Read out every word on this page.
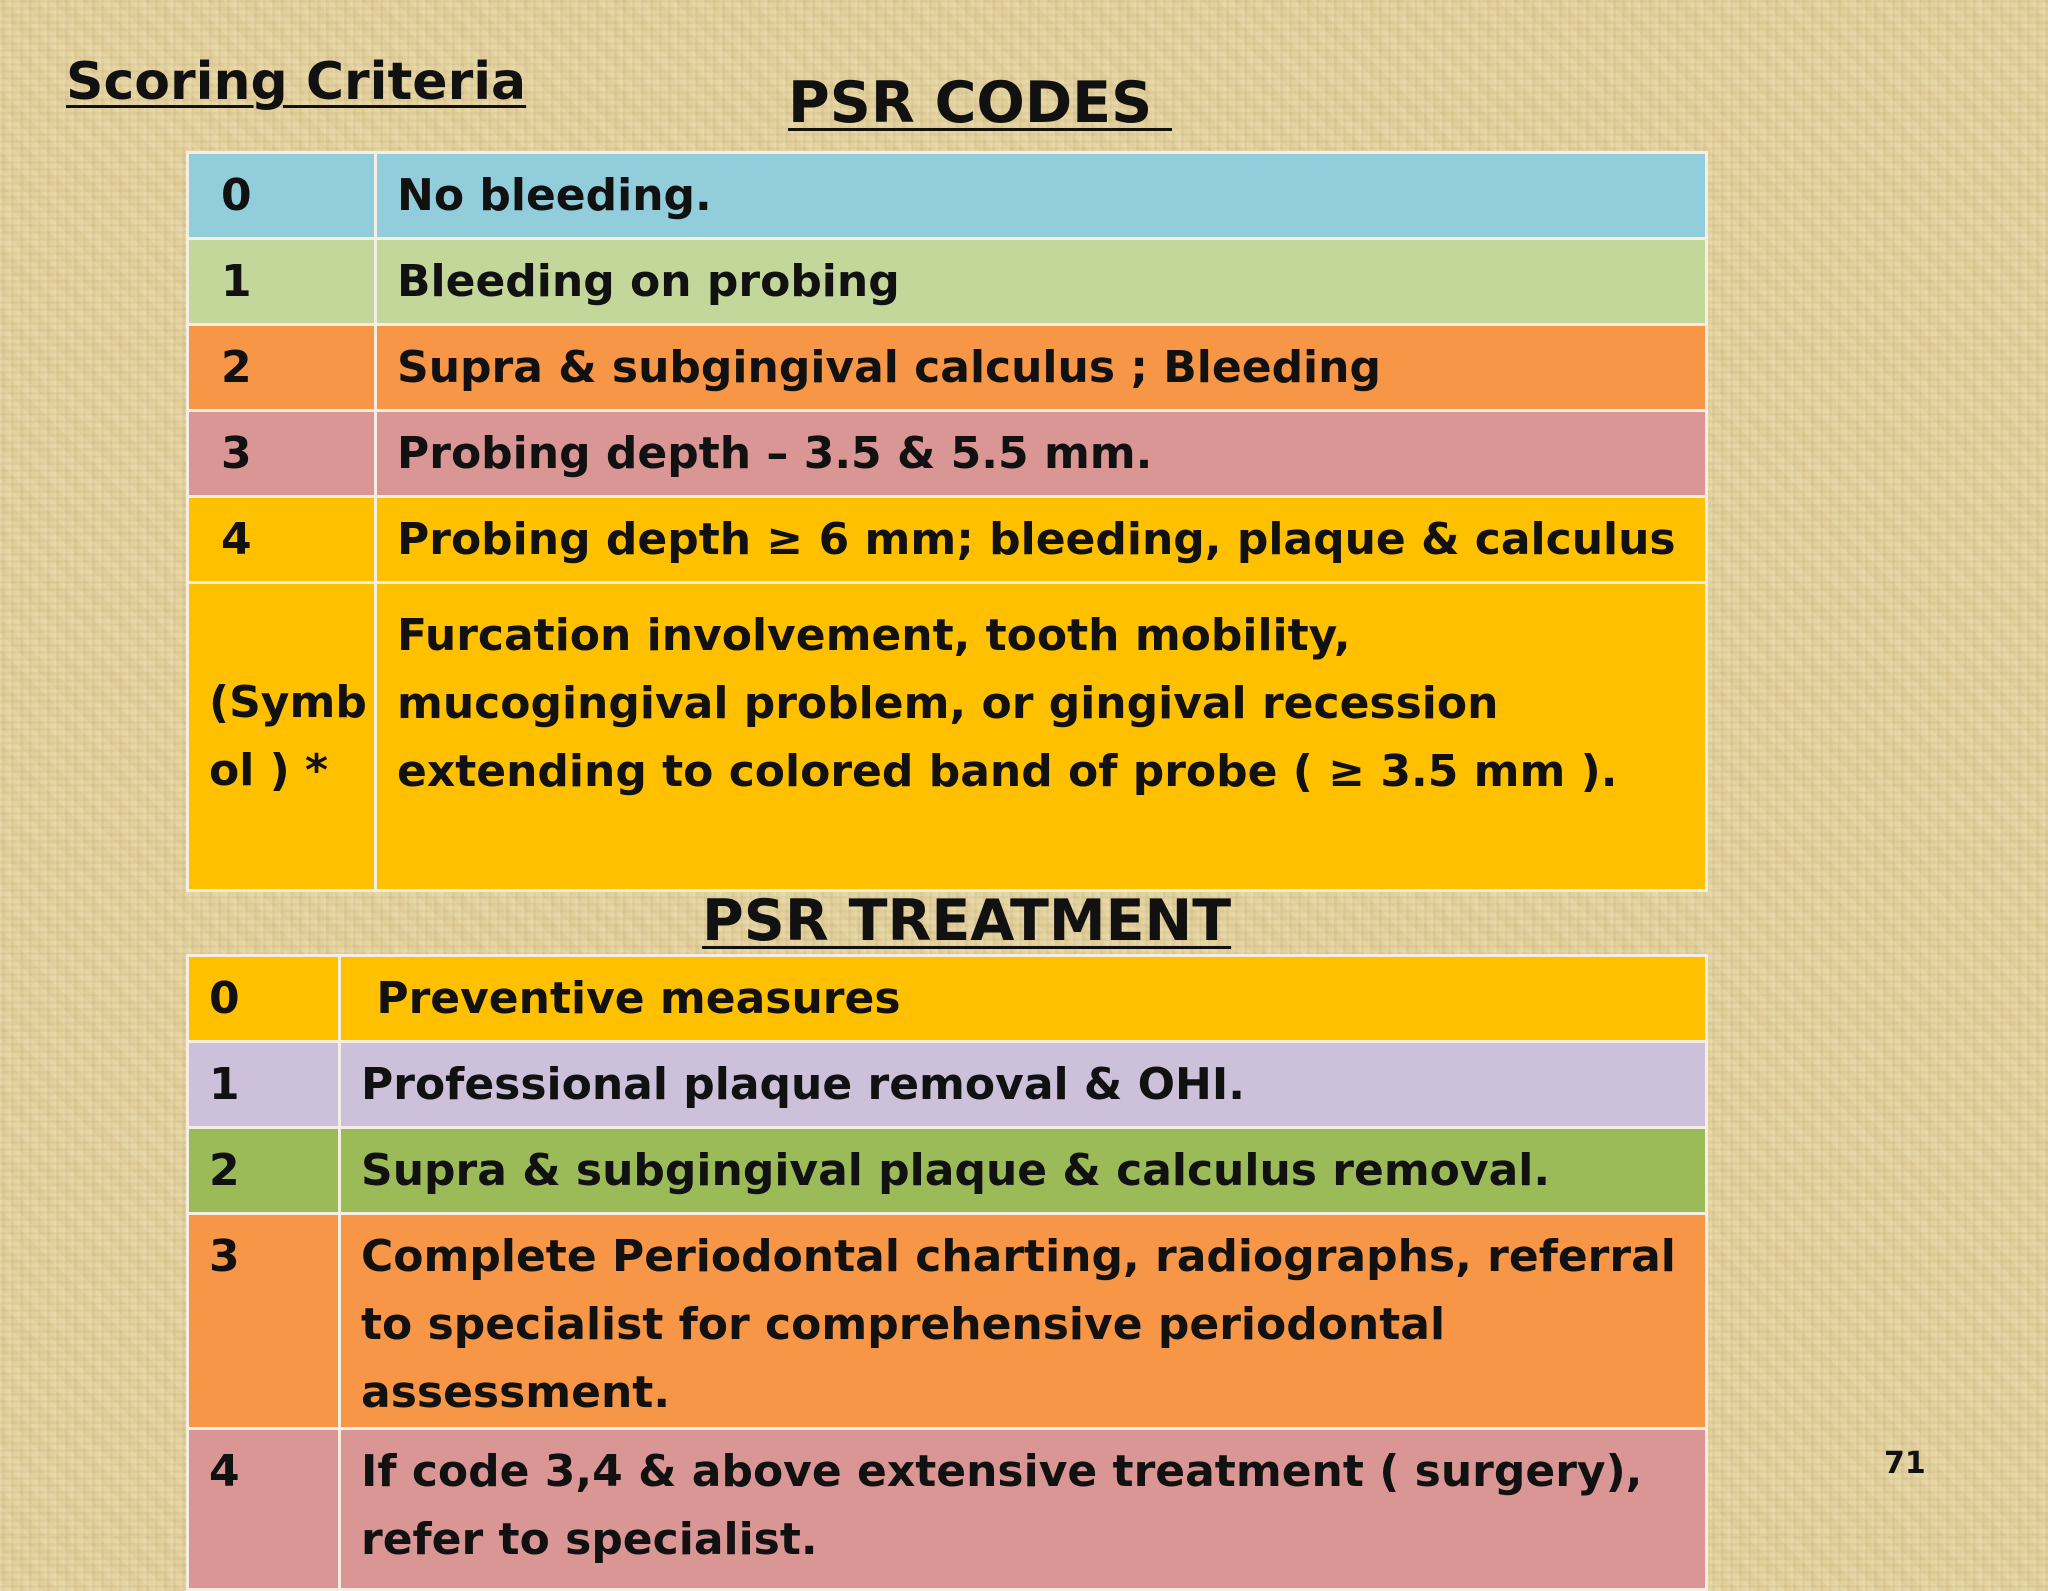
Scoring Criteria	PSR CODES
0	No bleeding.
1	Bleeding on probing
2	Supra & subgingival calculus ; Bleeding
3	Probing depth – 3.5 & 5.5 mm.
4	Probing depth ≥ 6 mm; bleeding, plaque & calculus
(Symbol ) *	Furcation involvement, tooth mobility, mucogingival problem, or gingival recession extending to colored band of probe ( ≥ 3.5 mm ).
PSR TREATMENT
0	Preventive measures
1	Professional plaque removal & OHI.
2	Supra & subgingival plaque & calculus removal.
3	Complete Periodontal charting, radiographs, referral to specialist for comprehensive periodontal assessment.
4	If code 3,4 & above extensive treatment ( surgery), refer to specialist.

71
